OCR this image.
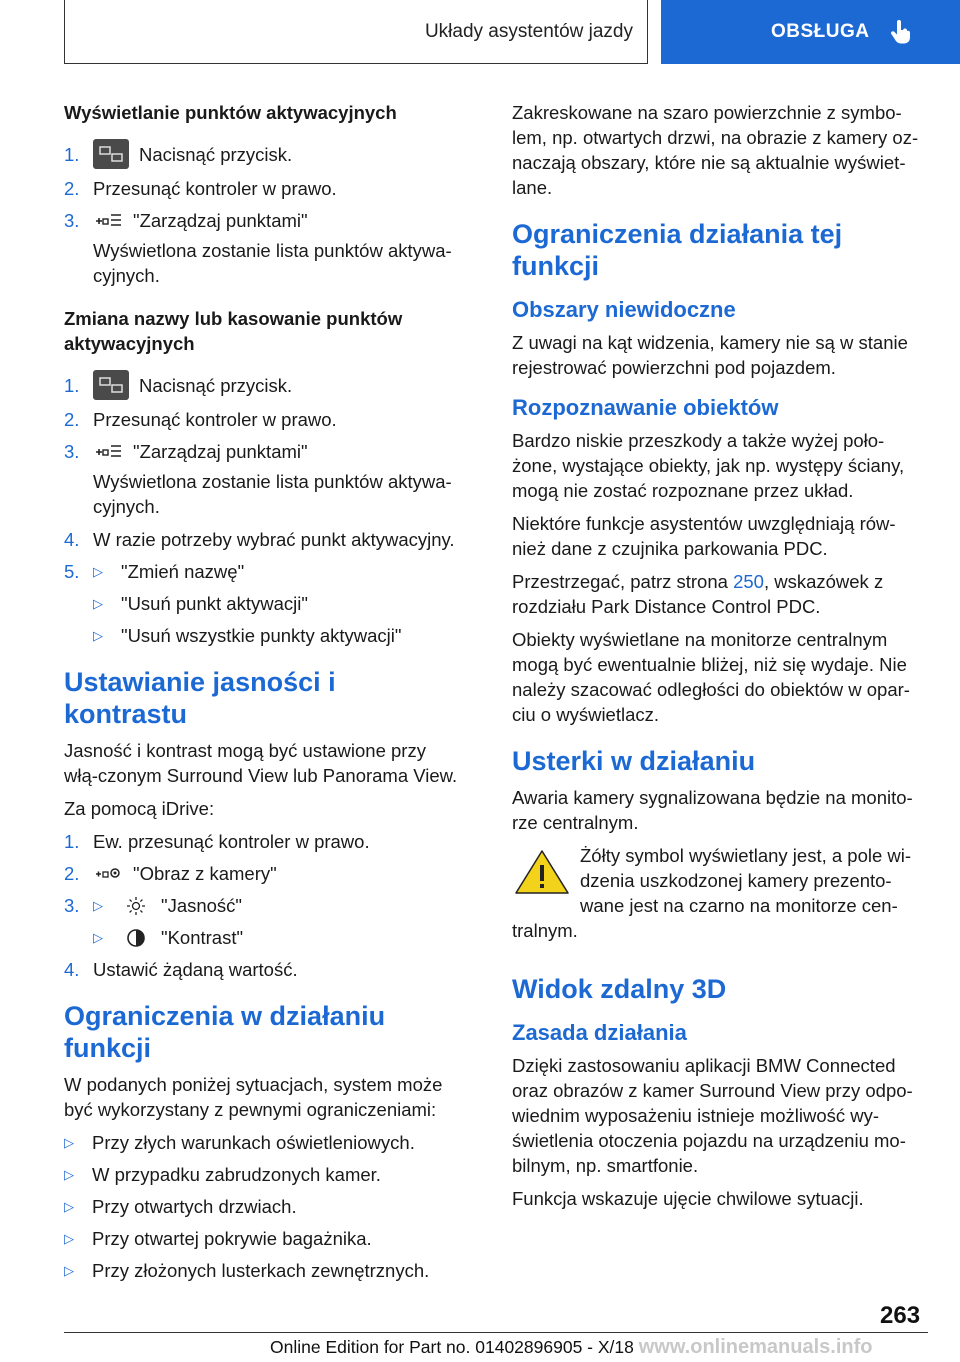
Układy asystentów jazdy	OBSŁUGA
Wyświetlanie punktów aktywacyjnych
1.	Nacisnąć przycisk.
2. Przesunąć kontroler w prawo.
3.	"Zarządzaj punktami"
Wyświetlona zostanie lista punktów aktywa-cyjnych.
Zmiana nazwy lub kasowanie punktów aktywacyjnych
1.	Nacisnąć przycisk.
2. Przesunąć kontroler w prawo.
3.	"Zarządzaj punktami"
Wyświetlona zostanie lista punktów aktywa-cyjnych.
4. W razie potrzeby wybrać punkt aktywacyjny.
5.	▷ "Zmień nazwę"
▷ "Usuń punkt aktywacji"
▷ "Usuń wszystkie punkty aktywacji"
Ustawianie jasności i kontrastu

Jasność i kontrast mogą być ustawione przy włą-czonym Surround View lub Panorama View.

Za pomocą iDrive:

1. Ew. przesunąć kontroler w prawo.
2.	"Obraz z kamery"
3.	▷	"Jasność"
▷	"Kontrast"
4. Ustawić żądaną wartość.
Ograniczenia w działaniu funkcji

W podanych poniżej sytuacjach, system może być wykorzystany z pewnymi ograniczeniami:

▷ Przy złych warunkach oświetleniowych.
▷ W przypadku zabrudzonych kamer.
▷ Przy otwartych drzwiach.
▷ Przy otwartej pokrywie bagażnika.
▷ Przy złożonych lusterkach zewnętrznych.

Zakreskowane na szaro powierzchnie z symbo-lem, np. otwartych drzwi, na obrazie z kamery oz-naczają obszary, które nie są aktualnie wyświet-lane.

Ograniczenia działania tej funkcji
Obszary niewidoczne

Z uwagi na kąt widzenia, kamery nie są w stanie rejestrować powierzchni pod pojazdem.

Rozpoznawanie obiektów

Bardzo niskie przeszkody a także wyżej poło-żone, wystające obiekty, jak np. występy ściany, mogą nie zostać rozpoznane przez układ.

Niektóre funkcje asystentów uwzględniają rów-nież dane z czujnika parkowania PDC.

Przestrzegać, patrz strona 250, wskazówek z rozdziału Park Distance Control PDC.

Obiekty wyświetlane na monitorze centralnym mogą być ewentualnie bliżej, niż się wydaje. Nie należy szacować odległości do obiektów w opar-ciu o wyświetlacz.

Usterki w działaniu

Awaria kamery sygnalizowana będzie na monito-rze centralnym.

Żółty symbol wyświetlany jest, a pole wi-dzenia uszkodzonej kamery prezento-wane jest na czarno na monitorze cen-

tralnym.

Widok zdalny 3D
Zasada działania

Dzięki zastosowaniu aplikacji BMW Connected oraz obrazów z kamer Surround View przy odpo-wiednim wyposażeniu istnieje możliwość wy-świetlenia otoczenia pojazdu na urządzeniu mo-bilnym, np. smartfonie.

Funkcja wskazuje ujęcie chwilowe sytuacji.

263
Online Edition for Part no. 01402896905 - X/18 www.onlinemanuals.info
